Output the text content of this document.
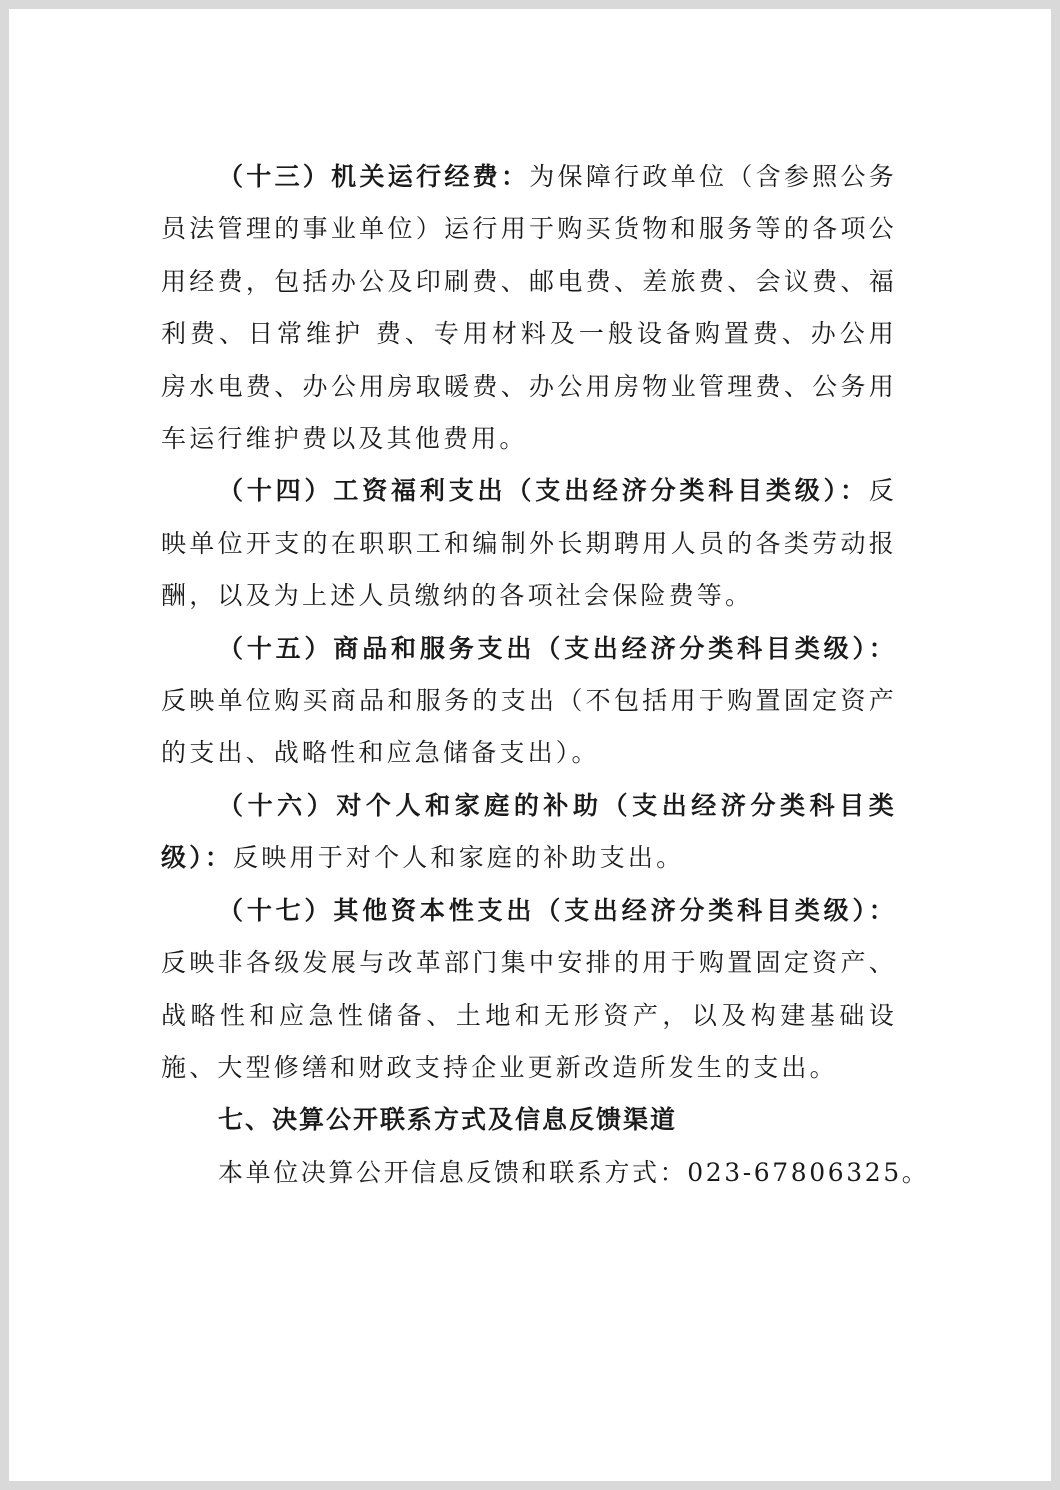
（十三）机关运行经费：为保障行政单位（含参照公务员法管理的事业单位）运行用于购买货物和服务等的各项公用经费，包括办公及印刷费、邮电费、差旅费、会议费、福利费、日常维护 费、专用材料及一般设备购置费、办公用房水电费、办公用房取暖费、办公用房物业管理费、公务用车运行维护费以及其他费用。

（十四）工资福利支出（支出经济分类科目类级）：反映单位开支的在职职工和编制外长期聘用人员的各类劳动报酬，以及为上述人员缴纳的各项社会保险费等。

（十五）商品和服务支出（支出经济分类科目类级）：反映单位购买商品和服务的支出（不包括用于购置固定资产的支出、战略性和应急储备支出）。

（十六）对个人和家庭的补助（支出经济分类科目类级）：反映用于对个人和家庭的补助支出。

（十七）其他资本性支出（支出经济分类科目类级）：反映非各级发展与改革部门集中安排的用于购置固定资产、战略性和应急性储备、土地和无形资产，以及构建基础设施、大型修缮和财政支持企业更新改造所发生的支出。

七、决算公开联系方式及信息反馈渠道

本单位决算公开信息反馈和联系方式：023-67806325。
